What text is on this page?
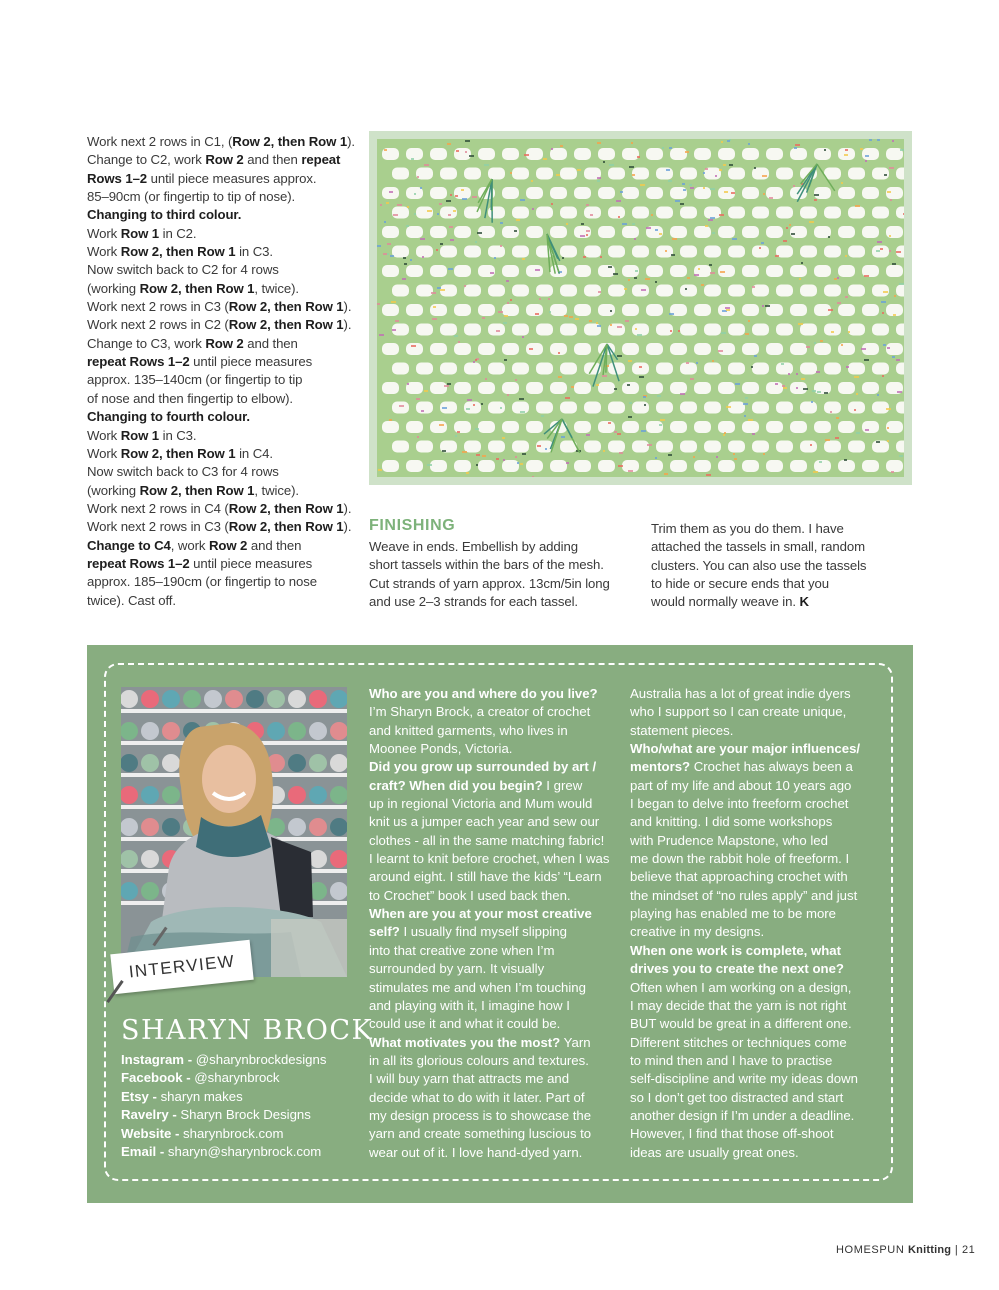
Work next 2 rows in C1, (Row 2, then Row 1).
Change to C2, work Row 2 and then repeat
Rows 1–2 until piece measures approx.
85–90cm (or fingertip to tip of nose).
Changing to third colour.
Work Row 1 in C2.
Work Row 2, then Row 1 in C3.
Now switch back to C2 for 4 rows
(working Row 2, then Row 1, twice).
Work next 2 rows in C3 (Row 2, then Row 1).
Work next 2 rows in C2 (Row 2, then Row 1).
Change to C3, work Row 2 and then
repeat Rows 1–2 until piece measures
approx. 135–140cm (or fingertip to tip
of nose and then fingertip to elbow).
Changing to fourth colour.
Work Row 1 in C3.
Work Row 2, then Row 1 in C4.
Now switch back to C3 for 4 rows
(working Row 2, then Row 1, twice).
Work next 2 rows in C4 (Row 2, then Row 1).
Work next 2 rows in C3 (Row 2, then Row 1).
Change to C4, work Row 2 and then
repeat Rows 1–2 until piece measures
approx. 185–190cm (or fingertip to nose
twice). Cast off.
FINISHING
Weave in ends. Embellish by adding
short tassels within the bars of the mesh.
Cut strands of yarn approx. 13cm/5in long
and use 2–3 strands for each tassel.
Trim them as you do them. I have
attached the tassels in small, random
clusters. You can also use the tassels
to hide or secure ends that you
would normally weave in. K
INTERVIEW
SHARYN BROCK
Instagram - @sharynbrockdesigns
Facebook - @sharynbrock
Etsy - sharyn makes
Ravelry - Sharyn Brock Designs
Website - sharynbrock.com
Email - sharyn@sharynbrock.com
Who are you and where do you live?
I’m Sharyn Brock, a creator of crochet
and knitted garments, who lives in
Moonee Ponds, Victoria.
Did you grow up surrounded by art /
craft? When did you begin? I grew
up in regional Victoria and Mum would
knit us a jumper each year and sew our
clothes - all in the same matching fabric!
I learnt to knit before crochet, when I was
around eight. I still have the kids’ “Learn
to Crochet” book I used back then.
When are you at your most creative
self? I usually find myself slipping
into that creative zone when I’m
surrounded by yarn. It visually
stimulates me and when I’m touching
and playing with it, I imagine how I
could use it and what it could be.
What motivates you the most? Yarn
in all its glorious colours and textures.
I will buy yarn that attracts me and
decide what to do with it later. Part of
my design process is to showcase the
yarn and create something luscious to
wear out of it. I love hand-dyed yarn.
Australia has a lot of great indie dyers
who I support so I can create unique,
statement pieces.
Who/what are your major influences/
mentors? Crochet has always been a
part of my life and about 10 years ago
I began to delve into freeform crochet
and knitting. I did some workshops
with Prudence Mapstone, who led
me down the rabbit hole of freeform. I
believe that approaching crochet with
the mindset of “no rules apply” and just
playing has enabled me to be more
creative in my designs.
When one work is complete, what
drives you to create the next one?
Often when I am working on a design,
I may decide that the yarn is not right
BUT would be great in a different one.
Different stitches or techniques come
to mind then and I have to practise
self-discipline and write my ideas down
so I don’t get too distracted and start
another design if I’m under a deadline.
However, I find that those off-shoot
ideas are usually great ones.
HOMESPUN Knitting | 21
